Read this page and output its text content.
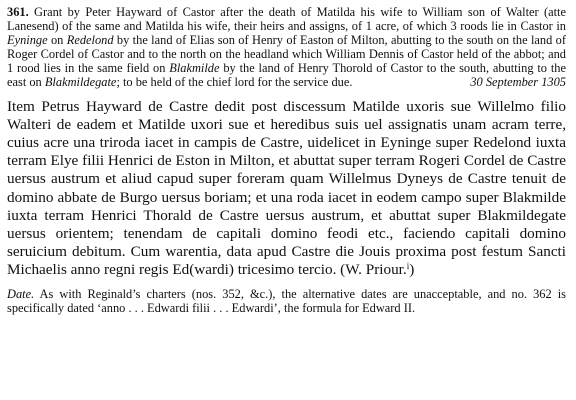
361. Grant by Peter Hayward of Castor after the death of Matilda his wife to William son of Walter (atte Lanesend) of the same and Matilda his wife, their heirs and assigns, of 1 acre, of which 3 roods lie in Castor in Eyninge on Redelond by the land of Elias son of Henry of Easton of Milton, abutting to the south on the land of Roger Cordel of Castor and to the north on the headland which William Dennis of Castor held of the abbot; and 1 rood lies in the same field on Blakmilde by the land of Henry Thorold of Castor to the south, abutting to the east on Blakmildegate; to be held of the chief lord for the service due.	30 September 1305
Item Petrus Hayward de Castre dedit post discessum Matilde uxoris sue Willelmo filio Walteri de eadem et Matilde uxori sue et heredibus suis uel assignatis unam acram terre, cuius acre una triroda iacet in campis de Castre, uidelicet in Eyninge super Redelond iuxta terram Elye filii Henrici de Eston in Milton, et abuttat super terram Rogeri Cordel de Castre uersus austrum et aliud capud super foreram quam Willelmus Dyneys de Castre tenuit de domino abbate de Burgo uersus boriam; et una roda iacet in eodem campo super Blakmilde iuxta terram Henrici Thorald de Castre uersus austrum, et abuttat super Blakmildegate uersus orientem; tenendam de capitali domino feodi etc., faciendo capitali domino seruicium debitum. Cum warentia, data apud Castre die Jouis proxima post festum Sancti Michaelis anno regni regis Ed(wardi) tricesimo tercio. (W. Priour.$^i$)
Date. As with Reginald’s charters (nos. 352, &c.), the alternative dates are unacceptable, and no. 362 is specifically dated ‘anno . . . Edwardi filii . . . Edwardi’, the formula for Edward II.
